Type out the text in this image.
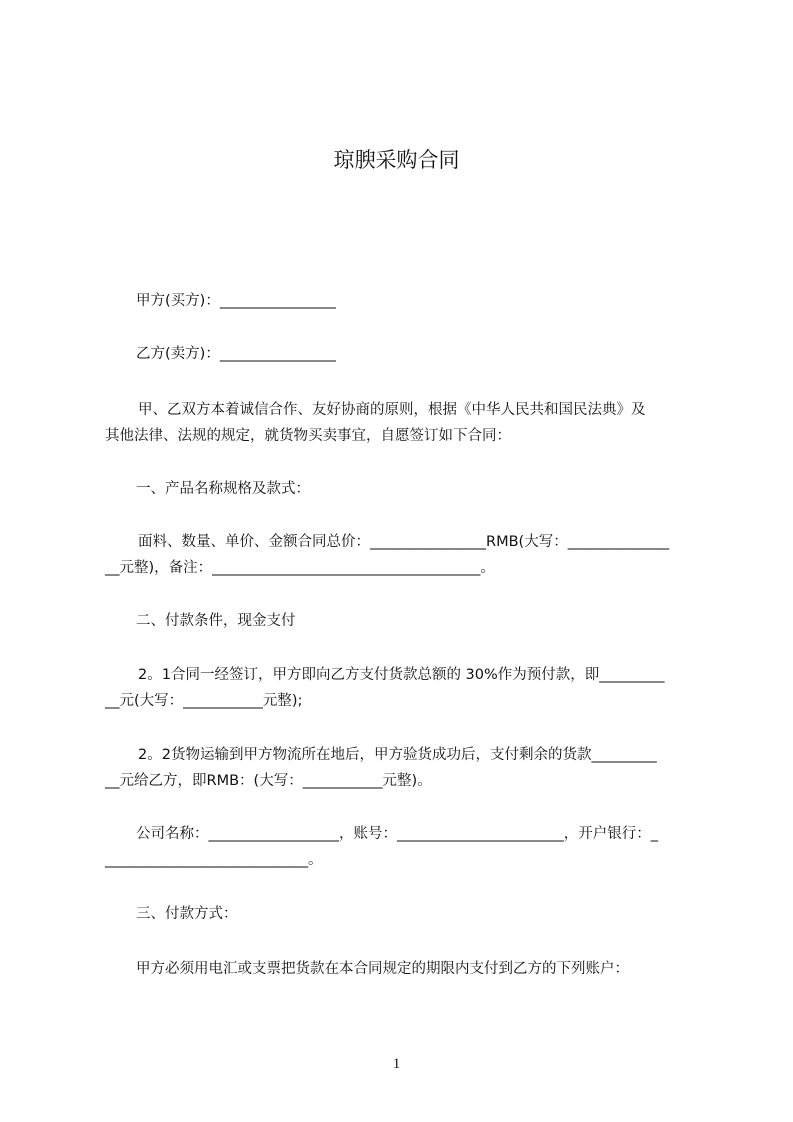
琼腴采购合同
甲方(买方)：________________
乙方(卖方)：________________
甲、乙双方本着诚信合作、友好协商的原则，根据《中华人民共和国民法典》及
其他法律、法规的规定，就货物买卖事宜，自愿签订如下合同：
一、产品名称规格及款式：
面料、数量、单价、金额合同总价：________________RMB(大写：______________
__元整)，备注：_____________________________________。
二、付款条件，现金支付
2。1合同一经签订，甲方即向乙方支付货款总额的 30%作为预付款，即_________
__元(大写：___________元整);
2。2货物运输到甲方物流所在地后，甲方验货成功后，支付剩余的货款_________
__元给乙方，即RMB：(大写：___________元整)。
公司名称：__________________，账号：_______________________，开户银行：_
____________________________。
三、付款方式：
甲方必须用电汇或支票把货款在本合同规定的期限内支付到乙方的下列账户：
1
